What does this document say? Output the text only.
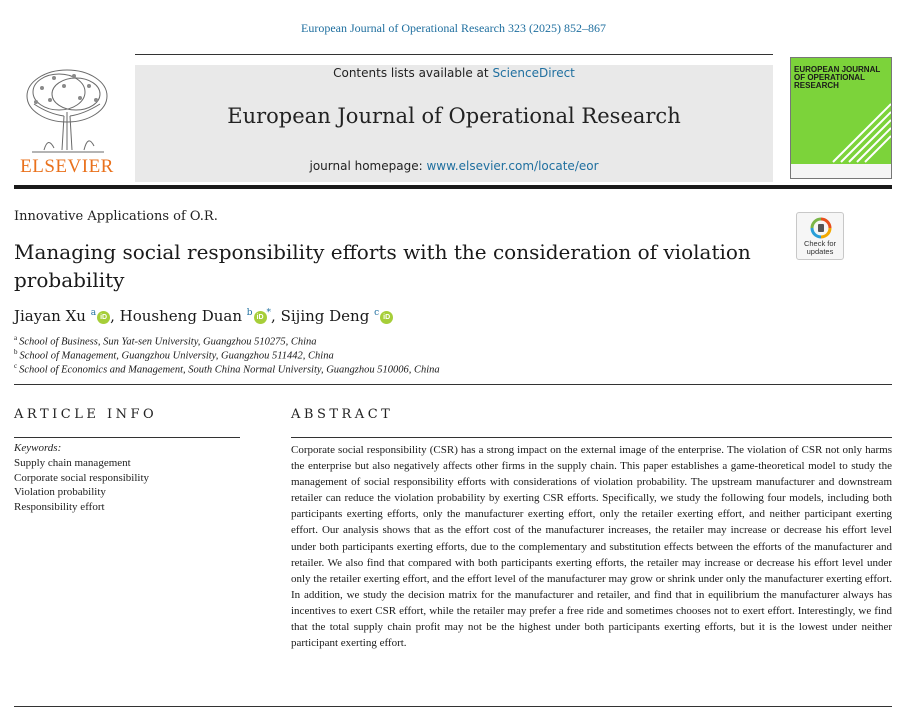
European Journal of Operational Research 323 (2025) 852–867
ELSEVIER
Contents lists available at ScienceDirect
European Journal of Operational Research
journal homepage: www.elsevier.com/locate/eor
EUROPEAN JOURNAL OF OPERATIONAL RESEARCH
Innovative Applications of O.R.
Managing social responsibility efforts with the consideration of violation probability
Check for
updates
Jiayan Xu $^a$ iD , Housheng Duan $^b$ iD *, Sijing Deng $^c$ iD
$^a$ School of Business, Sun Yat-sen University, Guangzhou 510275, China
$^b$ School of Management, Guangzhou University, Guangzhou 511442, China
$^c$ School of Economics and Management, South China Normal University, Guangzhou 510006, China
ARTICLE INFO	ABSTRACT
Keywords:
Supply chain management
Corporate social responsibility
Violation probability
Responsibility effort
Corporate social responsibility (CSR) has a strong impact on the external image of the enterprise. The violation of CSR not only harms the enterprise but also negatively affects other firms in the supply chain. This paper establishes a game-theoretical model to study the management of social responsibility efforts with considerations of violation probability. The upstream manufacturer and downstream retailer can reduce the violation probability by exerting CSR efforts. Specifically, we study the following four models, including both participants exerting efforts, only the manufacturer exerting effort, only the retailer exerting effort, and neither participant exerting effort. Our analysis shows that as the effort cost of the manufacturer increases, the retailer may increase or decrease his effort level under both participants exerting efforts, due to the complementary and substitution effects between the efforts of the manufacturer and retailer. We also find that compared with both participants exerting efforts, the retailer may increase or decrease his effort level under only the retailer exerting effort, and the effort level of the manufacturer may grow or shrink under only the manufacturer exerting effort. In addition, we study the decision matrix for the manufacturer and retailer, and find that in equilibrium the manufacturer always has incentives to exert CSR effort, while the retailer may prefer a free ride and sometimes chooses not to exert effort. Interestingly, we find that the total supply chain profit may not be the highest under both participants exerting efforts, but it is the lowest under neither participant exerting effort.
